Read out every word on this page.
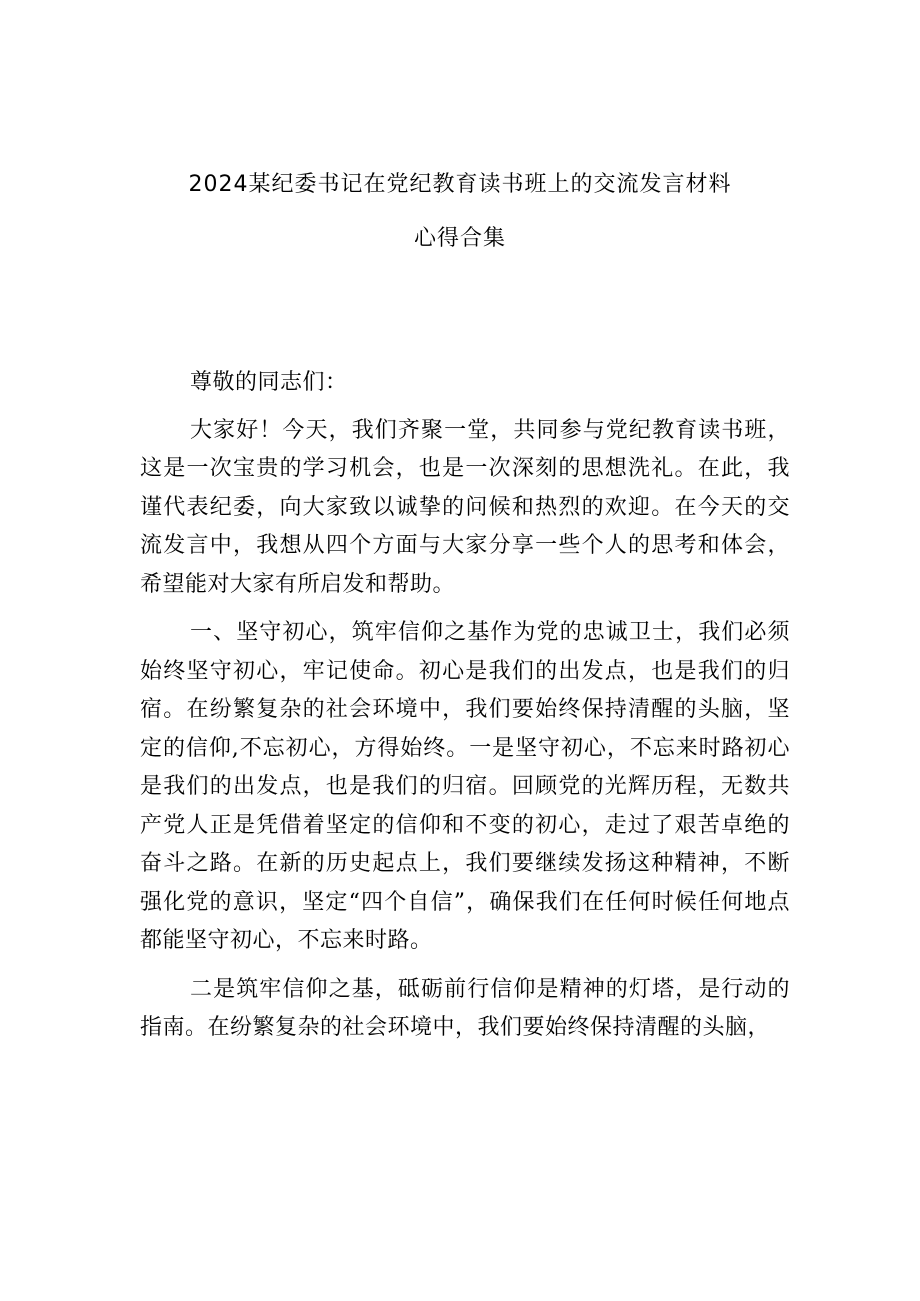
2024某纪委书记在党纪教育读书班上的交流发言材料
心得合集

尊敬的同志们：

大家好！今天，我们齐聚一堂，共同参与党纪教育读书班，这是一次宝贵的学习机会，也是一次深刻的思想洗礼。在此，我谨代表纪委，向大家致以诚挚的问候和热烈的欢迎。在今天的交流发言中，我想从四个方面与大家分享一些个人的思考和体会，希望能对大家有所启发和帮助。

一、坚守初心，筑牢信仰之基作为党的忠诚卫士，我们必须始终坚守初心，牢记使命。初心是我们的出发点，也是我们的归宿。在纷繁复杂的社会环境中，我们要始终保持清醒的头脑，坚定的信仰,不忘初心，方得始终。一是坚守初心，不忘来时路初心是我们的出发点，也是我们的归宿。回顾党的光辉历程，无数共产党人正是凭借着坚定的信仰和不变的初心，走过了艰苦卓绝的奋斗之路。在新的历史起点上，我们要继续发扬这种精神，不断强化党的意识，坚定“四个自信”，确保我们在任何时候任何地点都能坚守初心，不忘来时路。

二是筑牢信仰之基，砥砺前行信仰是精神的灯塔，是行动的指南。在纷繁复杂的社会环境中，我们要始终保持清醒的头脑，
